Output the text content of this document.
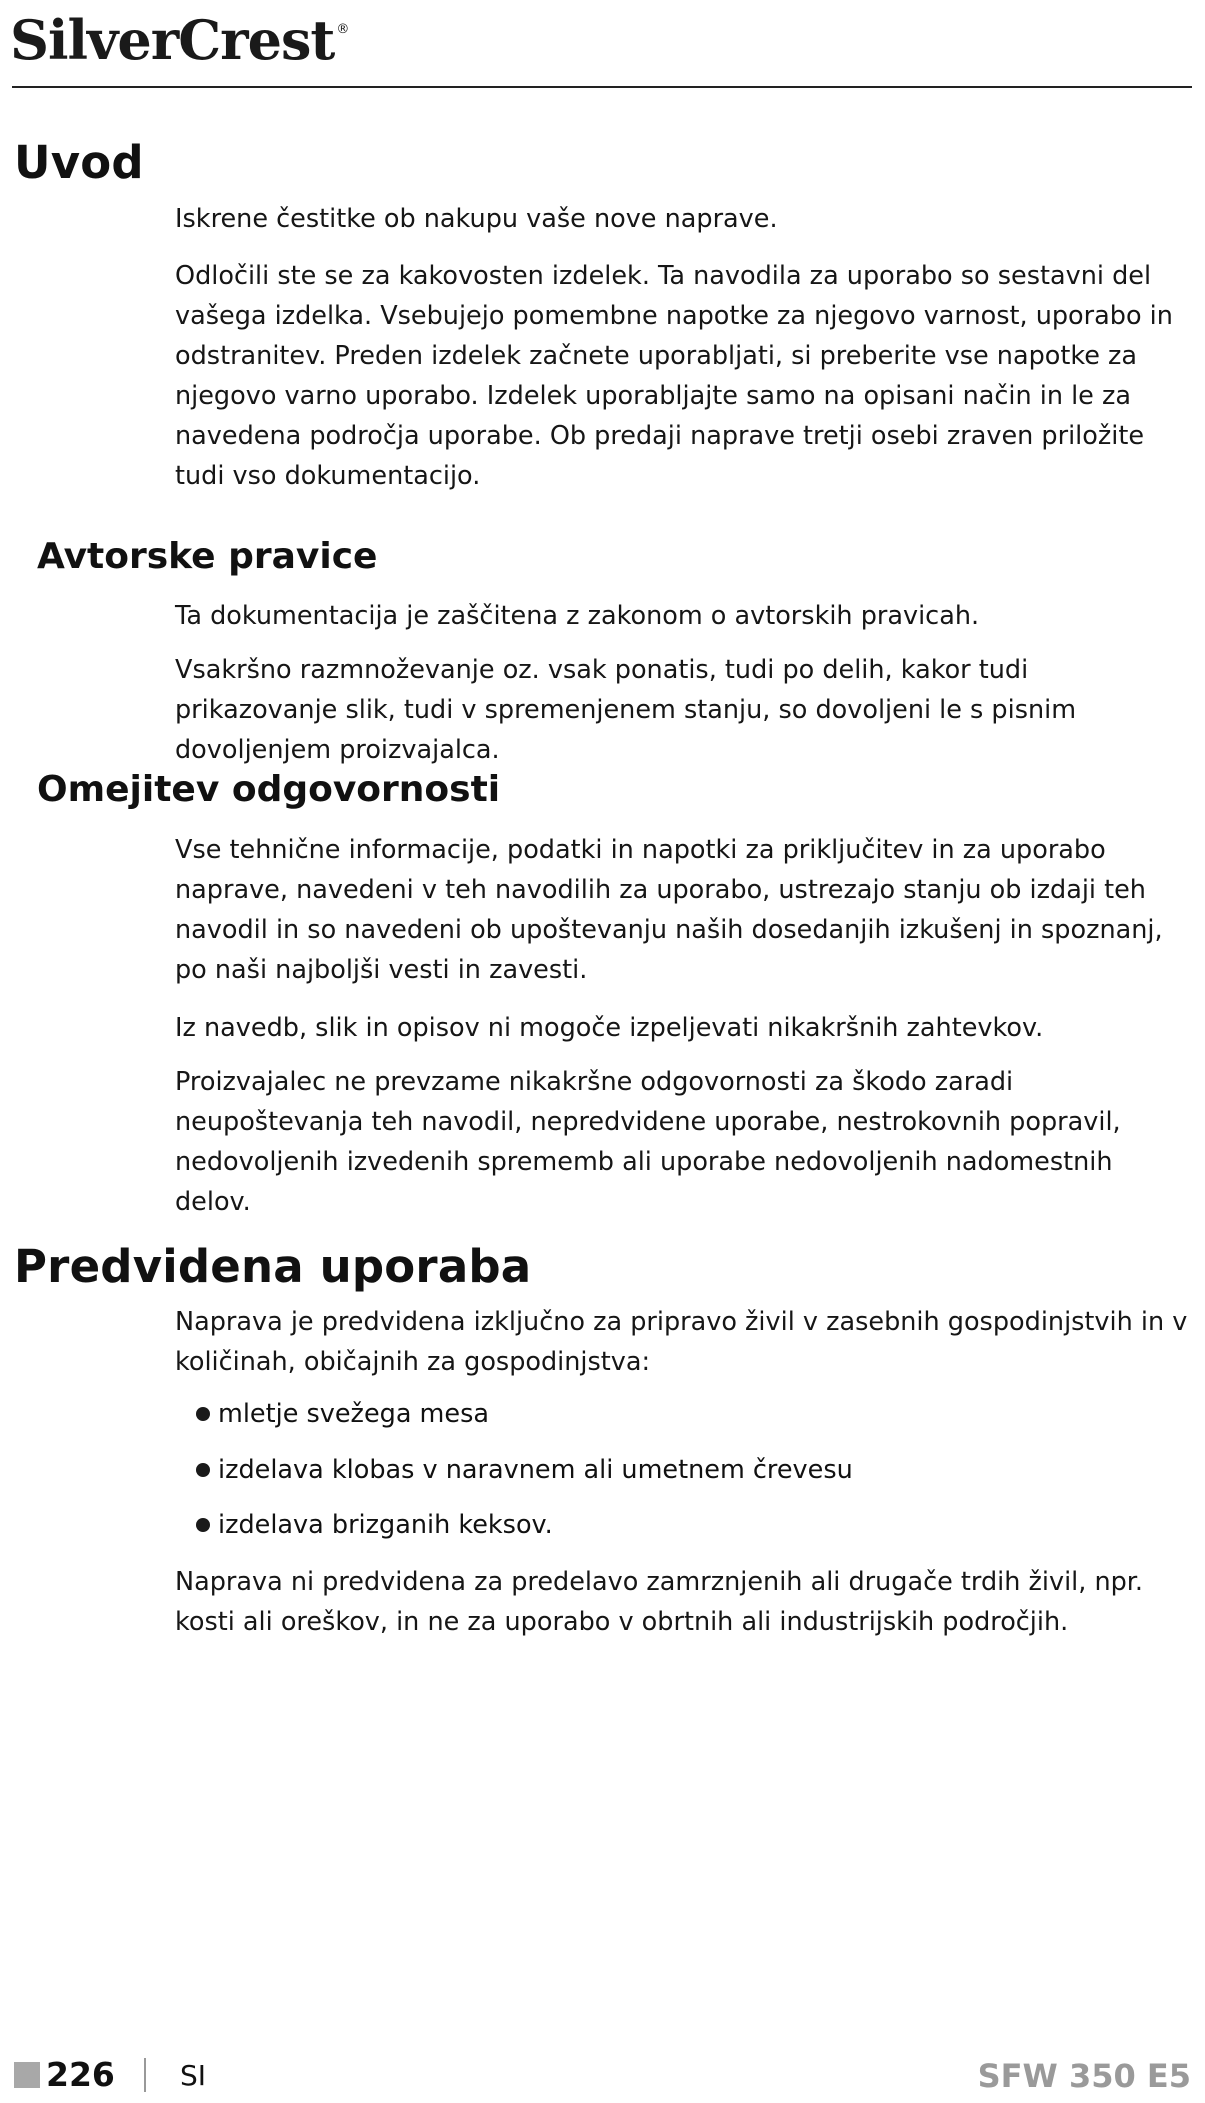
SilverCrest ®
Uvod

Iskrene čestitke ob nakupu vaše nove naprave.

Odločili ste se za kakovosten izdelek. Ta navodila za uporabo so sestavni del vašega izdelka. Vsebujejo pomembne napotke za njegovo varnost, uporabo in odstranitev. Preden izdelek začnete uporabljati, si preberite vse napotke za njegovo varno uporabo. Izdelek uporabljajte samo na opisani način in le za navedena področja uporabe. Ob predaji naprave tretji osebi zraven priložite tudi vso dokumentacijo.

Avtorske pravice

Ta dokumentacija je zaščitena z zakonom o avtorskih pravicah.

Vsakršno razmnoževanje oz. vsak ponatis, tudi po delih, kakor tudi prikazovanje slik, tudi v spremenjenem stanju, so dovoljeni le s pisnim dovoljenjem proizvajalca.

Omejitev odgovornosti

Vse tehnične informacije, podatki in napotki za priključitev in za uporabo naprave, navedeni v teh navodilih za uporabo, ustrezajo stanju ob izdaji teh navodil in so navedeni ob upoštevanju naših dosedanjih izkušenj in spoznanj, po naši najboljši vesti in zavesti.

Iz navedb, slik in opisov ni mogoče izpeljevati nikakršnih zahtevkov.

Proizvajalec ne prevzame nikakršne odgovornosti za škodo zaradi neupoštevanja teh navodil, nepredvidene uporabe, nestrokovnih popravil, nedovoljenih izvedenih sprememb ali uporabe nedovoljenih nadomestnih delov.

Predvidena uporaba

Naprava je predvidena izključno za pripravo živil v zasebnih gospodinjstvih in v količinah, običajnih za gospodinjstva:

mletje svežega mesa
izdelava klobas v naravnem ali umetnem črevesu
izdelava brizganih keksov.

Naprava ni predvidena za predelavo zamrznjenih ali drugače trdih živil, npr. kosti ali oreškov, in ne za uporabo v obrtnih ali industrijskih področjih.

226 SI	SFW 350 E5
